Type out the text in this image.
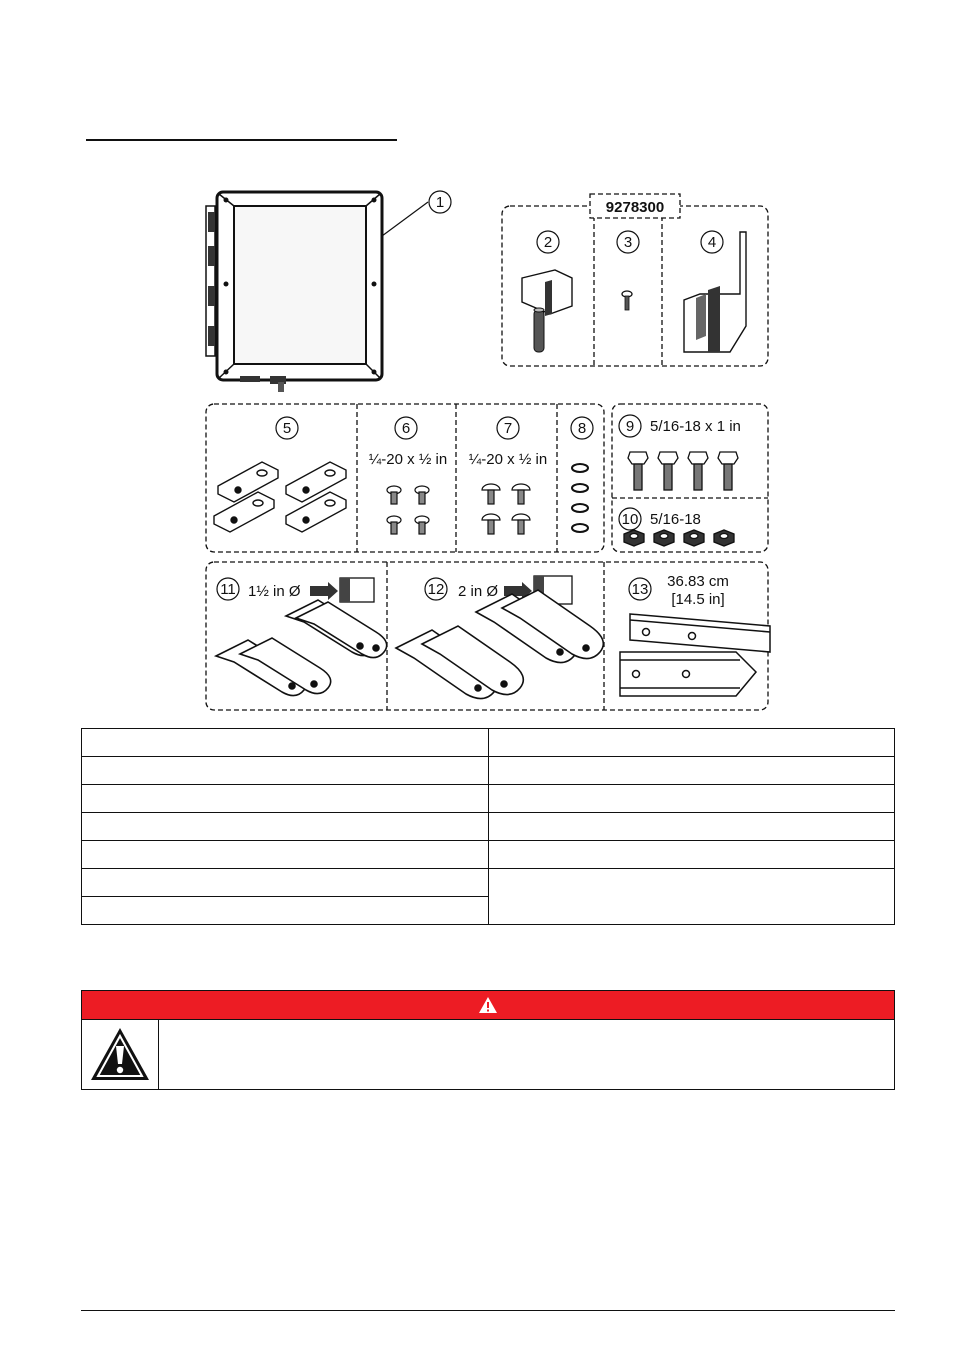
1	9278300
2	3	4
5	6
¼-20 x ½ in
7
¼-20 x ½ in
8	9 5/16-18 x 1 in
10 5/16-18
11 1½ in Ø	12 2 in Ø	13 36.83 cm
[14.5 in]
